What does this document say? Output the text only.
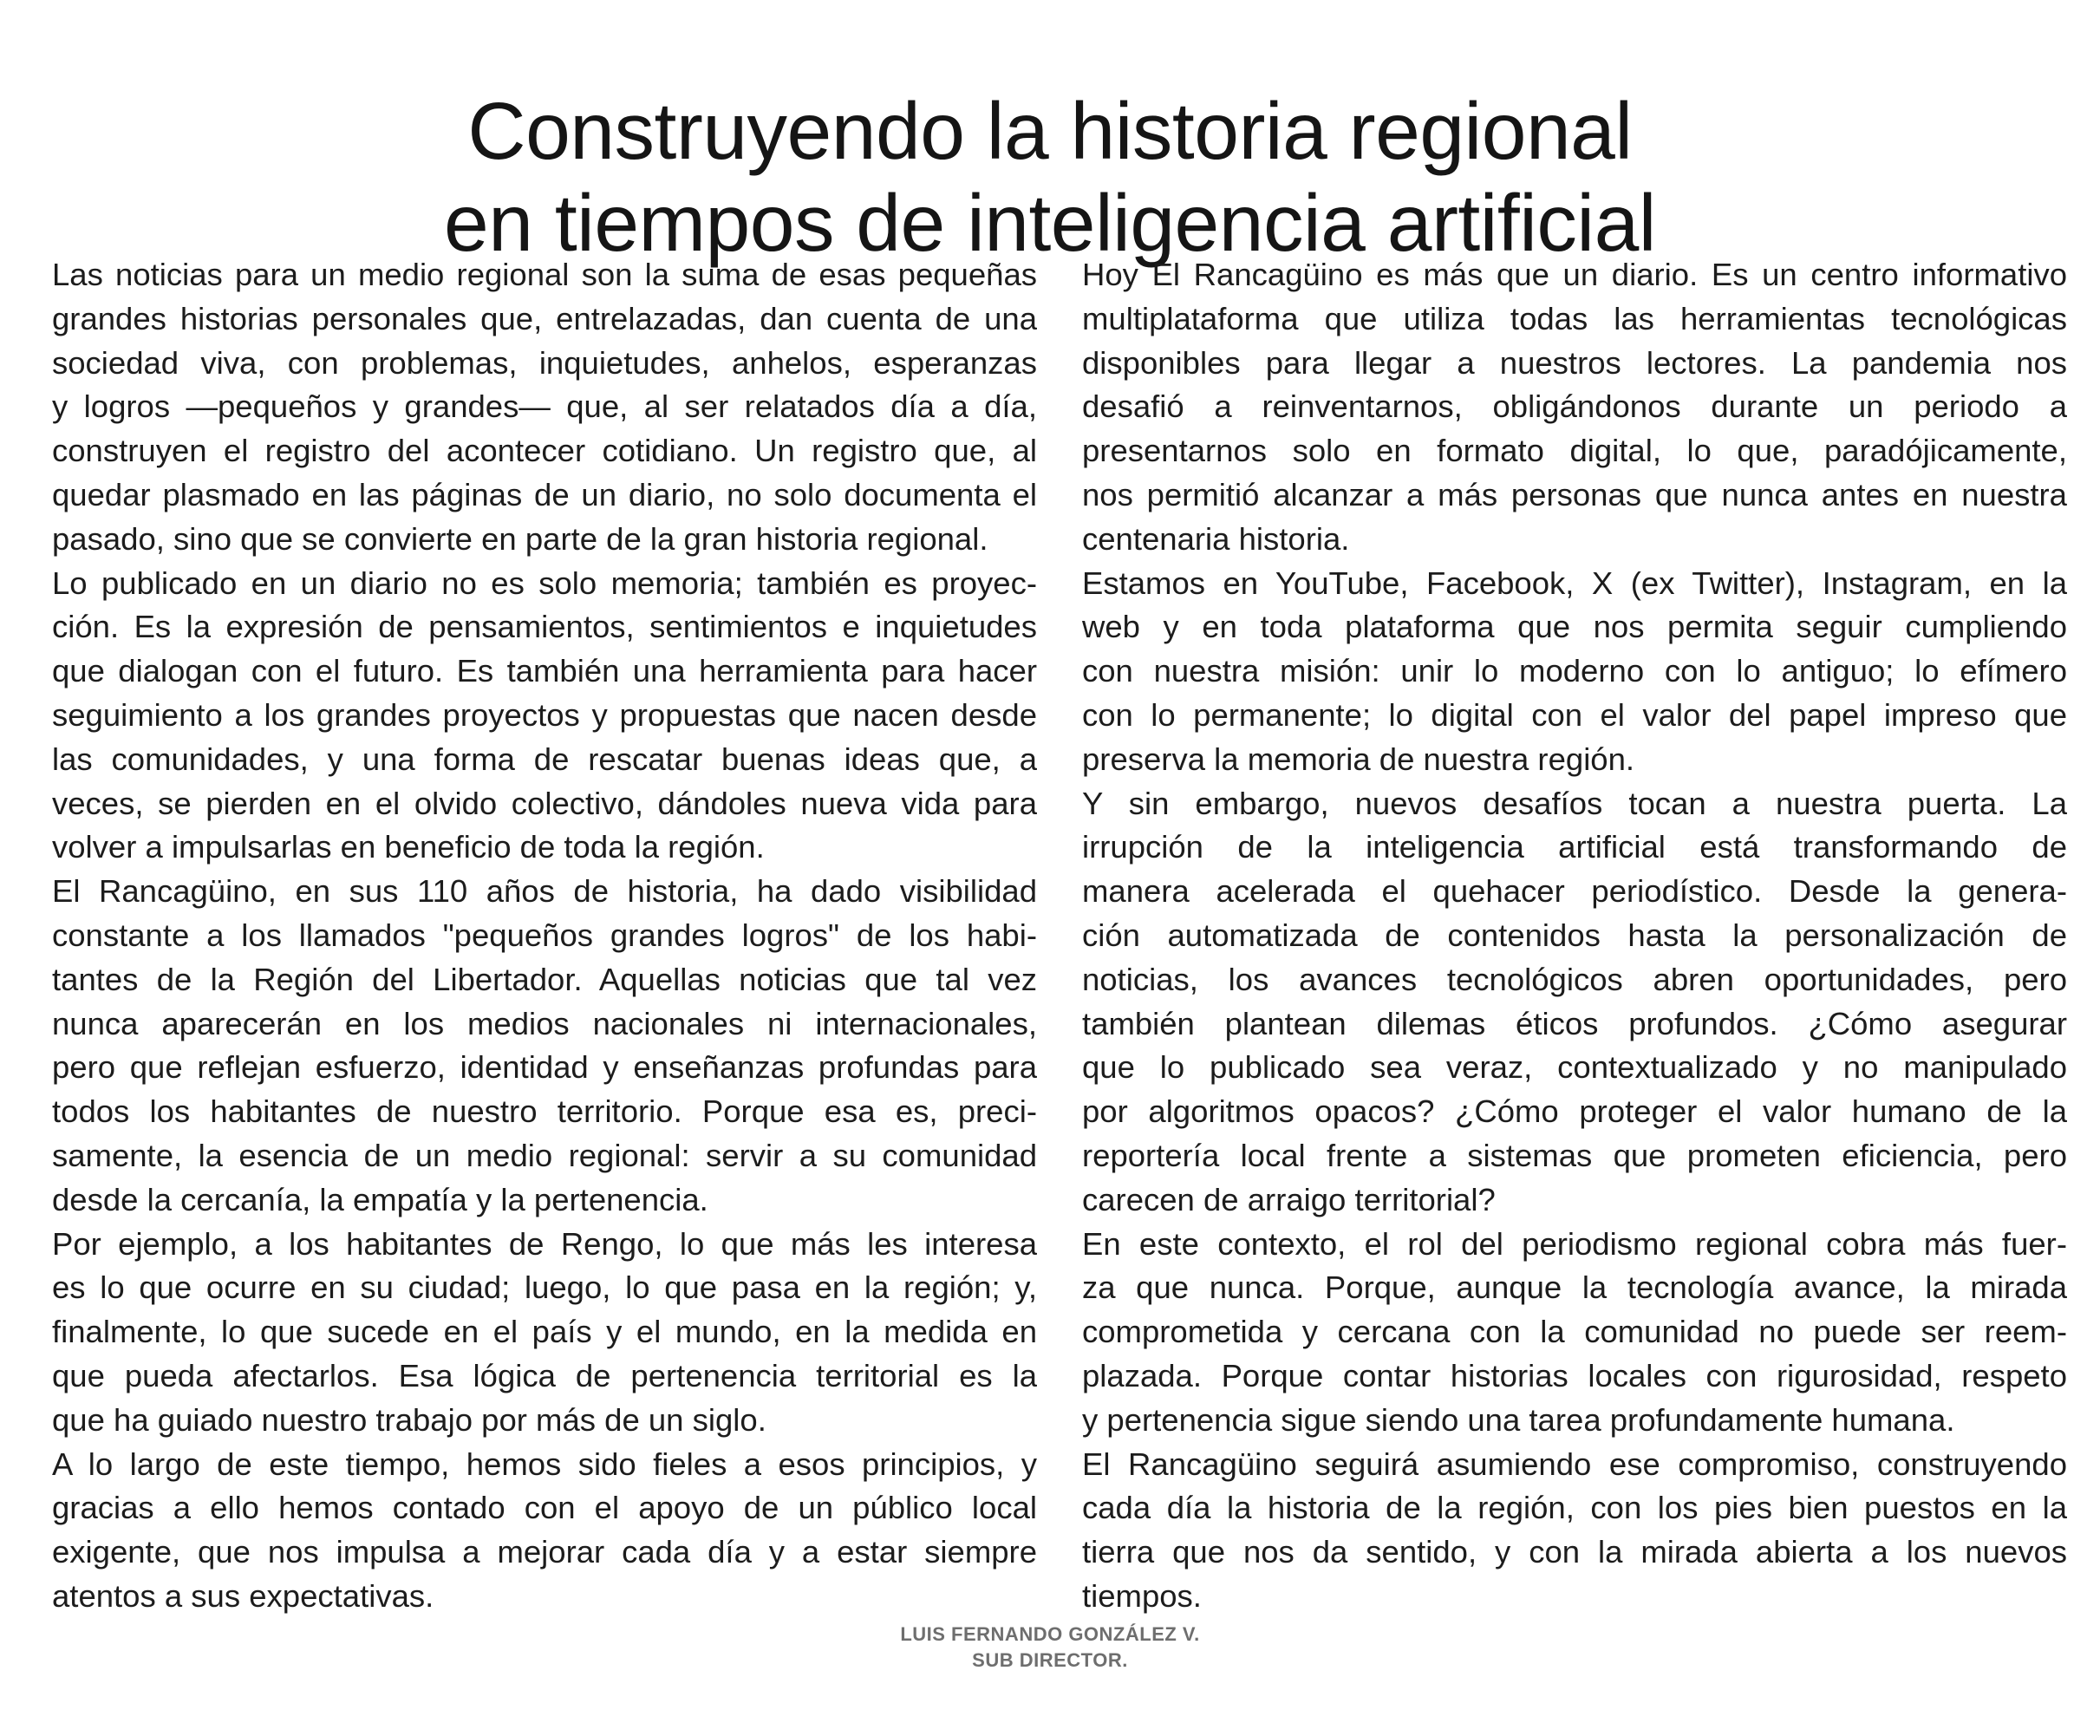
Construyendo la historia regional
en tiempos de inteligencia artificial
Las noticias para un medio regional son la suma de esas pequeñas
grandes historias personales que, entrelazadas, dan cuenta de una
sociedad viva, con problemas, inquietudes, anhelos, esperanzas
y logros —pequeños y grandes— que, al ser relatados día a día,
construyen el registro del acontecer cotidiano. Un registro que, al
quedar plasmado en las páginas de un diario, no solo documenta el
pasado, sino que se convierte en parte de la gran historia regional.
Lo publicado en un diario no es solo memoria; también es proyec-
ción. Es la expresión de pensamientos, sentimientos e inquietudes
que dialogan con el futuro. Es también una herramienta para hacer
seguimiento a los grandes proyectos y propuestas que nacen desde
las comunidades, y una forma de rescatar buenas ideas que, a
veces, se pierden en el olvido colectivo, dándoles nueva vida para
volver a impulsarlas en beneficio de toda la región.
El Rancagüino, en sus 110 años de historia, ha dado visibilidad
constante a los llamados "pequeños grandes logros" de los habi-
tantes de la Región del Libertador. Aquellas noticias que tal vez
nunca aparecerán en los medios nacionales ni internacionales,
pero que reflejan esfuerzo, identidad y enseñanzas profundas para
todos los habitantes de nuestro territorio. Porque esa es, preci-
samente, la esencia de un medio regional: servir a su comunidad
desde la cercanía, la empatía y la pertenencia.
Por ejemplo, a los habitantes de Rengo, lo que más les interesa
es lo que ocurre en su ciudad; luego, lo que pasa en la región; y,
finalmente, lo que sucede en el país y el mundo, en la medida en
que pueda afectarlos. Esa lógica de pertenencia territorial es la
que ha guiado nuestro trabajo por más de un siglo.
A lo largo de este tiempo, hemos sido fieles a esos principios, y
gracias a ello hemos contado con el apoyo de un público local
exigente, que nos impulsa a mejorar cada día y a estar siempre
atentos a sus expectativas.
Hoy El Rancagüino es más que un diario. Es un centro informativo
multiplataforma que utiliza todas las herramientas tecnológicas
disponibles para llegar a nuestros lectores. La pandemia nos
desafió a reinventarnos, obligándonos durante un periodo a
presentarnos solo en formato digital, lo que, paradójicamente,
nos permitió alcanzar a más personas que nunca antes en nuestra
centenaria historia.
Estamos en YouTube, Facebook, X (ex Twitter), Instagram, en la
web y en toda plataforma que nos permita seguir cumpliendo
con nuestra misión: unir lo moderno con lo antiguo; lo efímero
con lo permanente; lo digital con el valor del papel impreso que
preserva la memoria de nuestra región.
Y sin embargo, nuevos desafíos tocan a nuestra puerta. La
irrupción de la inteligencia artificial está transformando de
manera acelerada el quehacer periodístico. Desde la genera-
ción automatizada de contenidos hasta la personalización de
noticias, los avances tecnológicos abren oportunidades, pero
también plantean dilemas éticos profundos. ¿Cómo asegurar
que lo publicado sea veraz, contextualizado y no manipulado
por algoritmos opacos? ¿Cómo proteger el valor humano de la
reportería local frente a sistemas que prometen eficiencia, pero
carecen de arraigo territorial?
En este contexto, el rol del periodismo regional cobra más fuer-
za que nunca. Porque, aunque la tecnología avance, la mirada
comprometida y cercana con la comunidad no puede ser reem-
plazada. Porque contar historias locales con rigurosidad, respeto
y pertenencia sigue siendo una tarea profundamente humana.
El Rancagüino seguirá asumiendo ese compromiso, construyendo
cada día la historia de la región, con los pies bien puestos en la
tierra que nos da sentido, y con la mirada abierta a los nuevos
tiempos.
LUIS FERNANDO GONZÁLEZ V.
SUB DIRECTOR.
